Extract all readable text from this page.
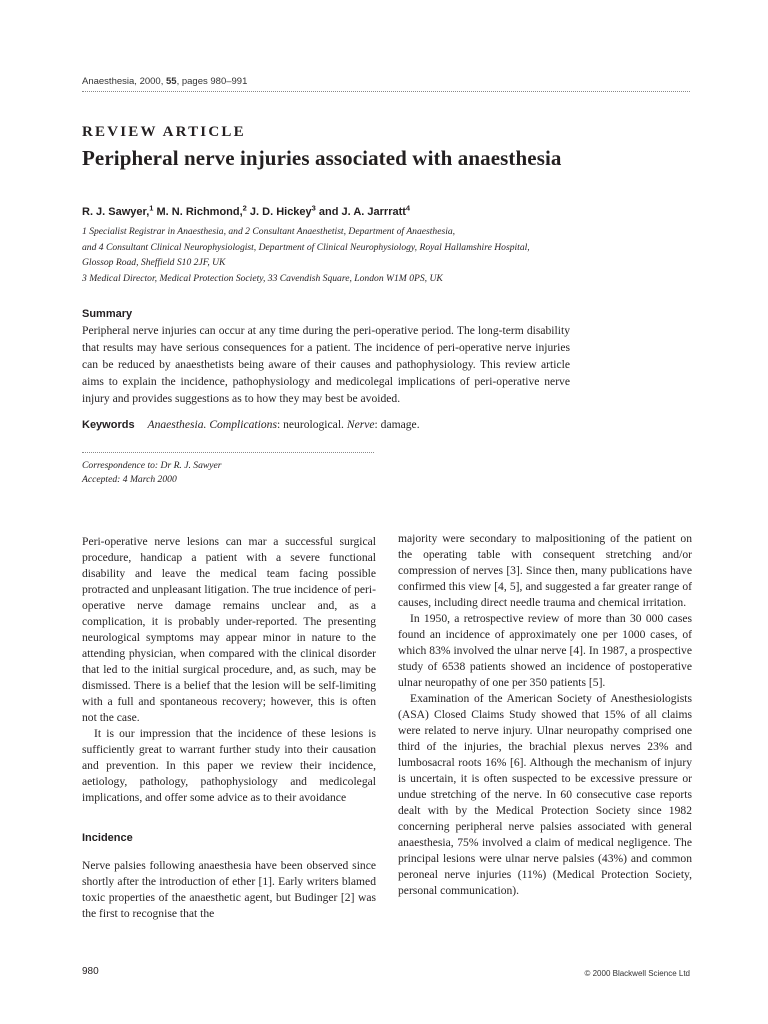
Anaesthesia, 2000, 55, pages 980–991
REVIEW ARTICLE
Peripheral nerve injuries associated with anaesthesia
R. J. Sawyer,$^1$ M. N. Richmond,$^2$ J. D. Hickey$^3$ and J. A. Jarrratt$^4$
1 Specialist Registrar in Anaesthesia, and 2 Consultant Anaesthetist, Department of Anaesthesia,
and 4 Consultant Clinical Neurophysiologist, Department of Clinical Neurophysiology, Royal Hallamshire Hospital,
Glossop Road, Sheffield S10 2JF, UK
3 Medical Director, Medical Protection Society, 33 Cavendish Square, London W1M 0PS, UK
Summary
Peripheral nerve injuries can occur at any time during the peri-operative period. The long-term disability that results may have serious consequences for a patient. The incidence of peri-operative nerve injuries can be reduced by anaesthetists being aware of their causes and pathophysiology. This review article aims to explain the incidence, pathophysiology and medicolegal implications of peri-operative nerve injury and provides suggestions as to how they may best be avoided.
Keywords Anaesthesia. Complications: neurological. Nerve: damage.
Correspondence to: Dr R. J. Sawyer
Accepted: 4 March 2000

Peri-operative nerve lesions can mar a successful surgical procedure, handicap a patient with a severe functional disability and leave the medical team facing possible protracted and unpleasant litigation. The true incidence of peri-operative nerve damage remains unclear and, as a complication, it is probably under-reported. The presenting neurological symptoms may appear minor in nature to the attending physician, when compared with the clinical disorder that led to the initial surgical procedure, and, as such, may be dismissed. There is a belief that the lesion will be self-limiting with a full and spontaneous recovery; however, this is often not the case.

It is our impression that the incidence of these lesions is sufficiently great to warrant further study into their causation and prevention. In this paper we review their incidence, aetiology, pathology, pathophysiology and medicolegal implications, and offer some advice as to their avoidance

Incidence

Nerve palsies following anaesthesia have been observed since shortly after the introduction of ether [1]. Early writers blamed toxic properties of the anaesthetic agent, but Budinger [2] was the first to recognise that the

majority were secondary to malpositioning of the patient on the operating table with consequent stretching and/or compression of nerves [3]. Since then, many publications have confirmed this view [4, 5], and suggested a far greater range of causes, including direct needle trauma and chemical irritation.

In 1950, a retrospective review of more than 30 000 cases found an incidence of approximately one per 1000 cases, of which 83% involved the ulnar nerve [4]. In 1987, a prospective study of 6538 patients showed an incidence of postoperative ulnar neuropathy of one per 350 patients [5].

Examination of the American Society of Anesthesiologists (ASA) Closed Claims Study showed that 15% of all claims were related to nerve injury. Ulnar neuropathy comprised one third of the injuries, the brachial plexus nerves 23% and lumbosacral roots 16% [6]. Although the mechanism of injury is uncertain, it is often suspected to be excessive pressure or undue stretching of the nerve. In 60 consecutive case reports dealt with by the Medical Protection Society since 1982 concerning peripheral nerve palsies associated with general anaesthesia, 75% involved a claim of medical negligence. The principal lesions were ulnar nerve palsies (43%) and common peroneal nerve injuries (11%) (Medical Protection Society, personal communication).

980	© 2000 Blackwell Science Ltd
